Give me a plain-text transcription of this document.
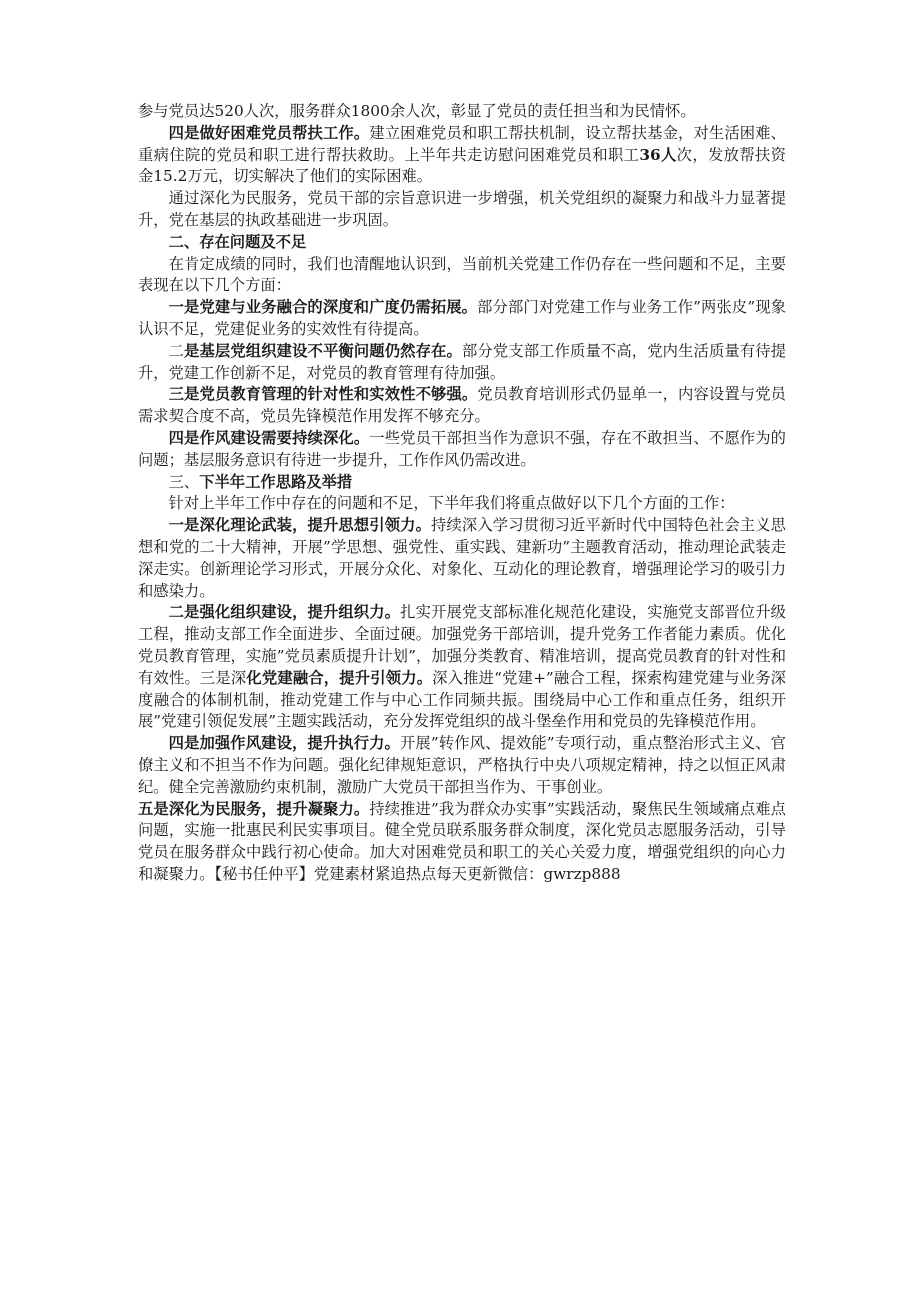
参与党员达520人次，服务群众1800余人次，彰显了党员的责任担当和为民情怀。

四是做好困难党员帮扶工作。建立困难党员和职工帮扶机制，设立帮扶基金，对生活困难、重病住院的党员和职工进行帮扶救助。上半年共走访慰问困难党员和职工36人次，发放帮扶资金15.2万元，切实解决了他们的实际困难。

通过深化为民服务，党员干部的宗旨意识进一步增强，机关党组织的凝聚力和战斗力显著提升，党在基层的执政基础进一步巩固。

二、存在问题及不足

在肯定成绩的同时，我们也清醒地认识到，当前机关党建工作仍存在一些问题和不足，主要表现在以下几个方面：

一是党建与业务融合的深度和广度仍需拓展。部分部门对党建工作与业务工作”两张皮”现象认识不足，党建促业务的实效性有待提高。

二是基层党组织建设不平衡问题仍然存在。部分党支部工作质量不高，党内生活质量有待提升，党建工作创新不足，对党员的教育管理有待加强。

三是党员教育管理的针对性和实效性不够强。党员教育培训形式仍显单一，内容设置与党员需求契合度不高，党员先锋模范作用发挥不够充分。

四是作风建设需要持续深化。一些党员干部担当作为意识不强，存在不敢担当、不愿作为的问题；基层服务意识有待进一步提升，工作作风仍需改进。

三、下半年工作思路及举措

针对上半年工作中存在的问题和不足，下半年我们将重点做好以下几个方面的工作：

一是深化理论武装，提升思想引领力。持续深入学习贯彻习近平新时代中国特色社会主义思想和党的二十大精神，开展”学思想、强党性、重实践、建新功”主题教育活动，推动理论武装走深走实。创新理论学习形式，开展分众化、对象化、互动化的理论教育，增强理论学习的吸引力和感染力。

二是强化组织建设，提升组织力。扎实开展党支部标准化规范化建设，实施党支部晋位升级工程，推动支部工作全面进步、全面过硬。加强党务干部培训，提升党务工作者能力素质。优化党员教育管理，实施”党员素质提升计划”，加强分类教育、精准培训，提高党员教育的针对性和有效性。三是深化党建融合，提升引领力。深入推进“党建+”融合工程，探索构建党建与业务深度融合的体制机制，推动党建工作与中心工作同频共振。围绕局中心工作和重点任务，组织开展”党建引领促发展”主题实践活动，充分发挥党组织的战斗堡垒作用和党员的先锋模范作用。

四是加强作风建设，提升执行力。开展”转作风、提效能”专项行动，重点整治形式主义、官僚主义和不担当不作为问题。强化纪律规矩意识，严格执行中央八项规定精神，持之以恒正风肃纪。健全完善激励约束机制，激励广大党员干部担当作为、干事创业。

五是深化为民服务，提升凝聚力。持续推进”我为群众办实事”实践活动，聚焦民生领域痛点难点问题，实施一批惠民利民实事项目。健全党员联系服务群众制度，深化党员志愿服务活动，引导党员在服务群众中践行初心使命。加大对困难党员和职工的关心关爱力度，增强党组织的向心力和凝聚力。【秘书任仲平】党建素材紧追热点每天更新微信：gwrzp888
